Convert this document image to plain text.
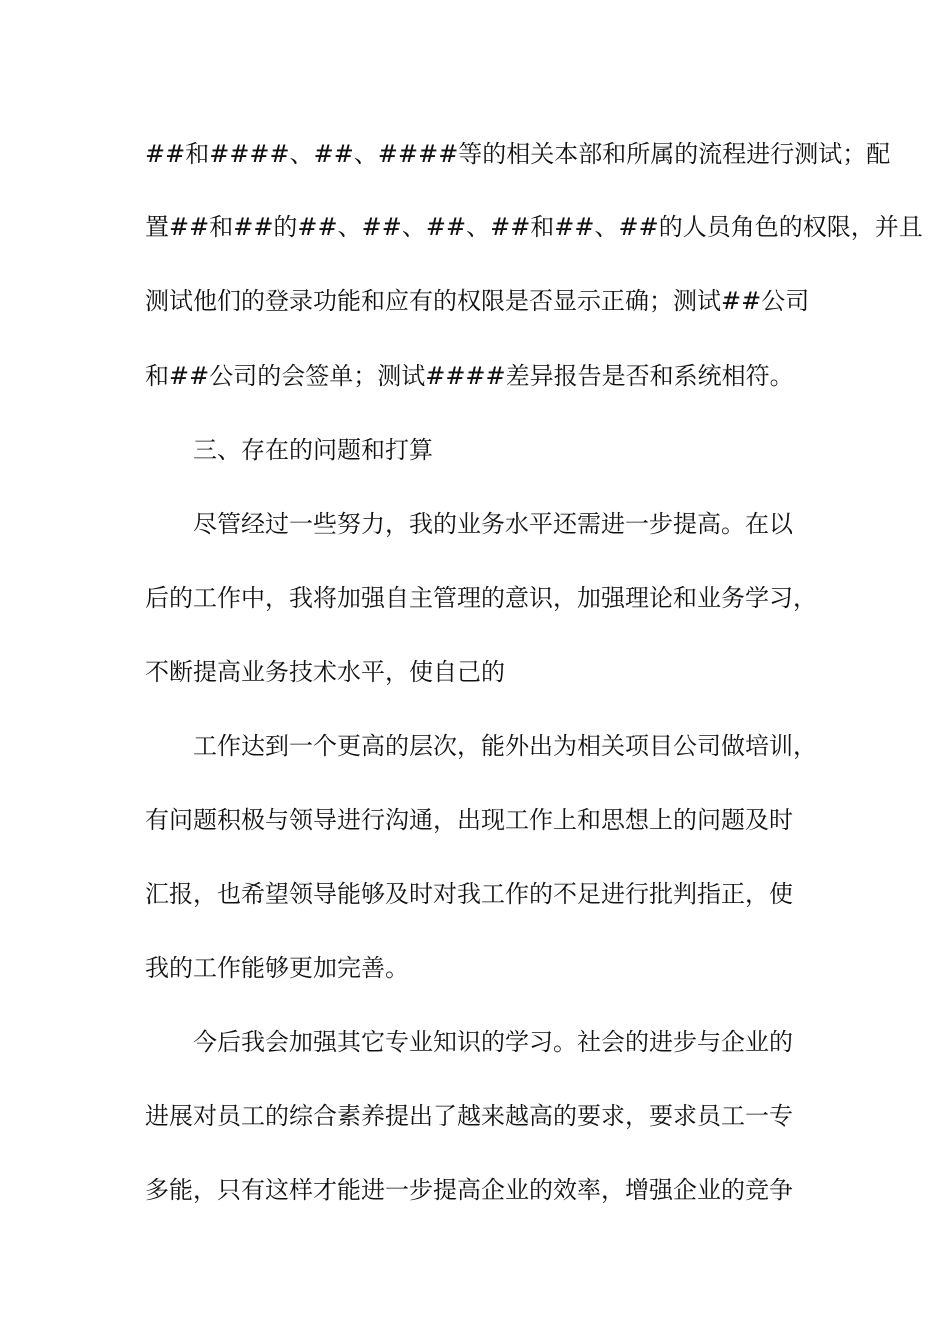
##和####、##、####等的相关本部和所属的流程进行测试；配
置##和##的##、##、##、##和##、##的人员角色的权限，并且
测试他们的登录功能和应有的权限是否显示正确；测试##公司
和##公司的会签单；测试####差异报告是否和系统相符。
三、存在的问题和打算
尽管经过一些努力，我的业务水平还需进一步提高。在以
后的工作中，我将加强自主管理的意识，加强理论和业务学习，
不断提高业务技术水平，使自己的
工作达到一个更高的层次，能外出为相关项目公司做培训，
有问题积极与领导进行沟通，出现工作上和思想上的问题及时
汇报，也希望领导能够及时对我工作的不足进行批判指正，使
我的工作能够更加完善。
今后我会加强其它专业知识的学习。社会的进步与企业的
进展对员工的综合素养提出了越来越高的要求，要求员工一专
多能，只有这样才能进一步提高企业的效率，增强企业的竞争
